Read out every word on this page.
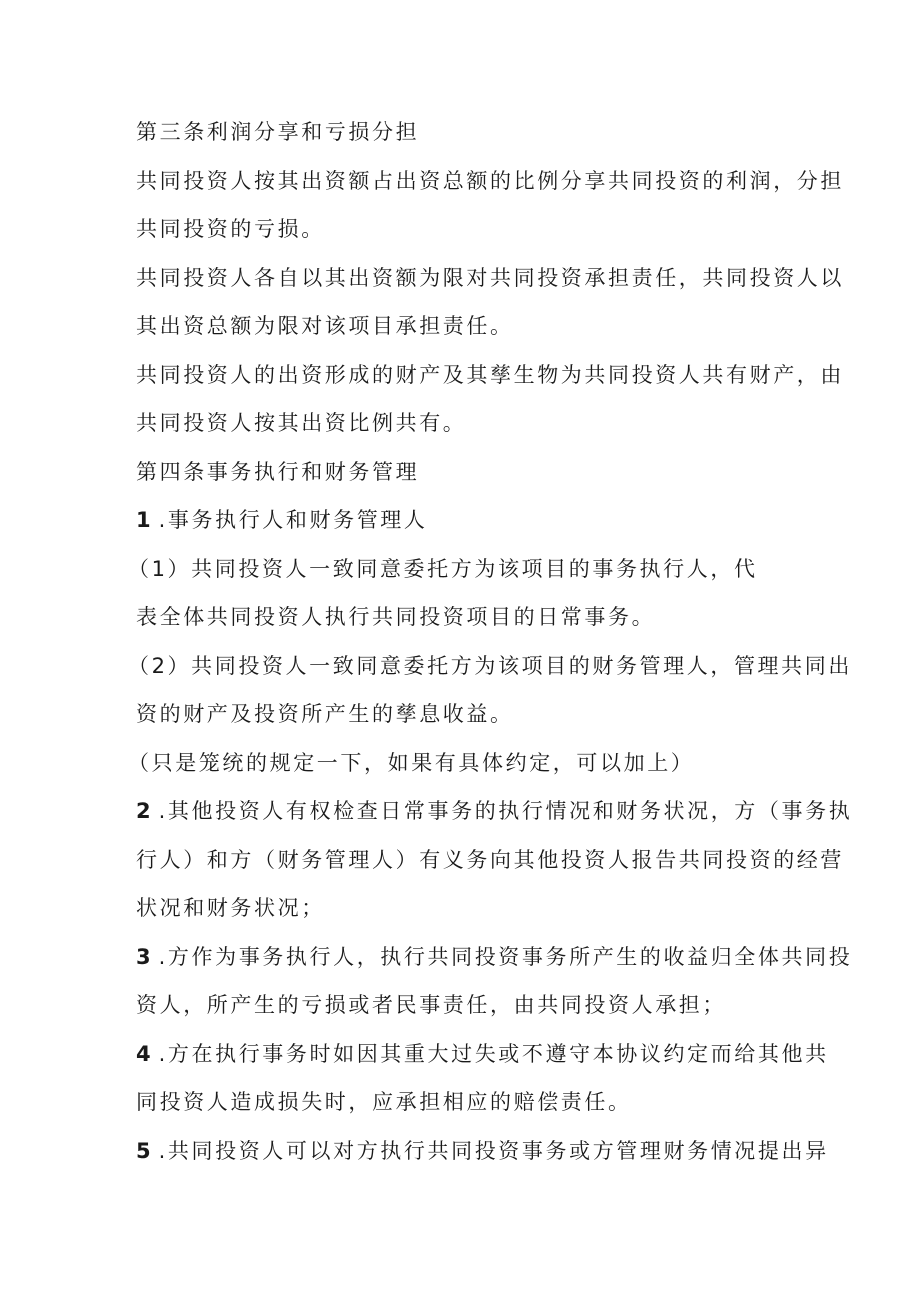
第三条利润分享和亏损分担
共同投资人按其出资额占出资总额的比例分享共同投资的利润，分担
共同投资的亏损。
共同投资人各自以其出资额为限对共同投资承担责任，共同投资人以
其出资总额为限对该项目承担责任。
共同投资人的出资形成的财产及其孳生物为共同投资人共有财产，由
共同投资人按其出资比例共有。
第四条事务执行和财务管理
1 .事务执行人和财务管理人
（1）共同投资人一致同意委托方为该项目的事务执行人，代
表全体共同投资人执行共同投资项目的日常事务。
（2）共同投资人一致同意委托方为该项目的财务管理人，管理共同出
资的财产及投资所产生的孳息收益。
（只是笼统的规定一下，如果有具体约定，可以加上）
2 .其他投资人有权检查日常事务的执行情况和财务状况，方（事务执
行人）和方（财务管理人）有义务向其他投资人报告共同投资的经营
状况和财务状况；
3 .方作为事务执行人，执行共同投资事务所产生的收益归全体共同投
资人，所产生的亏损或者民事责任，由共同投资人承担；
4 .方在执行事务时如因其重大过失或不遵守本协议约定而给其他共
同投资人造成损失时，应承担相应的赔偿责任。
5 .共同投资人可以对方执行共同投资事务或方管理财务情况提出异
